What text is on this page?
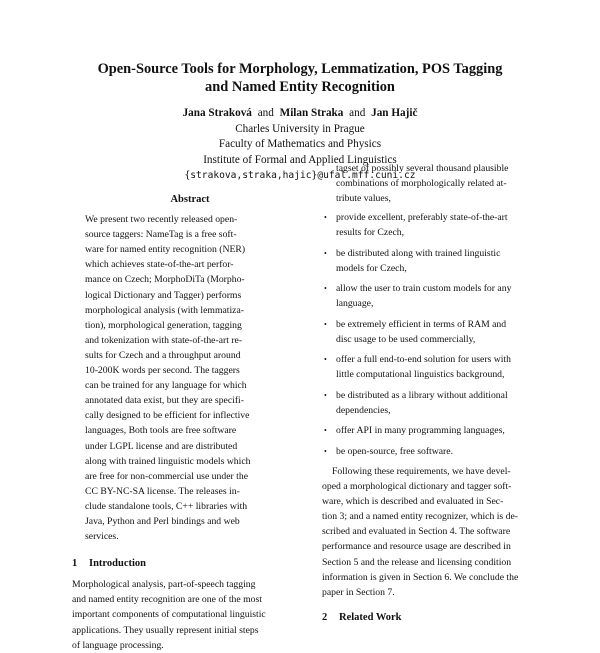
Open-Source Tools for Morphology, Lemmatization, POS Tagging
and Named Entity Recognition
Jana Straková and Milan Straka and Jan Hajič
Charles University in Prague
Faculty of Mathematics and Physics
Institute of Formal and Applied Linguistics
{strakova,straka,hajic}@ufal.mff.cuni.cz
Abstract
We present two recently released open-
source taggers: NameTag is a free soft-
ware for named entity recognition (NER)
which achieves state-of-the-art perfor-
mance on Czech; MorphoDiTa (Morpho-
logical Dictionary and Tagger) performs
morphological analysis (with lemmatiza-
tion), morphological generation, tagging
and tokenization with state-of-the-art re-
sults for Czech and a throughput around
10-200K words per second. The taggers
can be trained for any language for which
annotated data exist, but they are specifi-
cally designed to be efficient for inflective
languages, Both tools are free software
under LGPL license and are distributed
along with trained linguistic models which
are free for non-commercial use under the
CC BY-NC-SA license. The releases in-
clude standalone tools, C++ libraries with
Java, Python and Perl bindings and web
services.
1 Introduction
Morphological analysis, part-of-speech tagging
and named entity recognition are one of the most
important components of computational linguistic
applications. They usually represent initial steps
of language processing.
tagset of possibly several thousand plausible
combinations of morphologically related at-
tribute values,
• provide excellent, preferably state-of-the-art
results for Czech,
• be distributed along with trained linguistic
models for Czech,
• allow the user to train custom models for any
language,
• be extremely efficient in terms of RAM and
disc usage to be used commercially,
• offer a full end-to-end solution for users with
little computational linguistics background,
• be distributed as a library without additional
dependencies,
• offer API in many programming languages,
• be open-source, free software.
Following these requirements, we have devel-
oped a morphological dictionary and tagger soft-
ware, which is described and evaluated in Sec-
tion 3; and a named entity recognizer, which is de-
scribed and evaluated in Section 4. The software
performance and resource usage are described in
Section 5 and the release and licensing condition
information is given in Section 6. We conclude the
paper in Section 7.
2 Related Work
